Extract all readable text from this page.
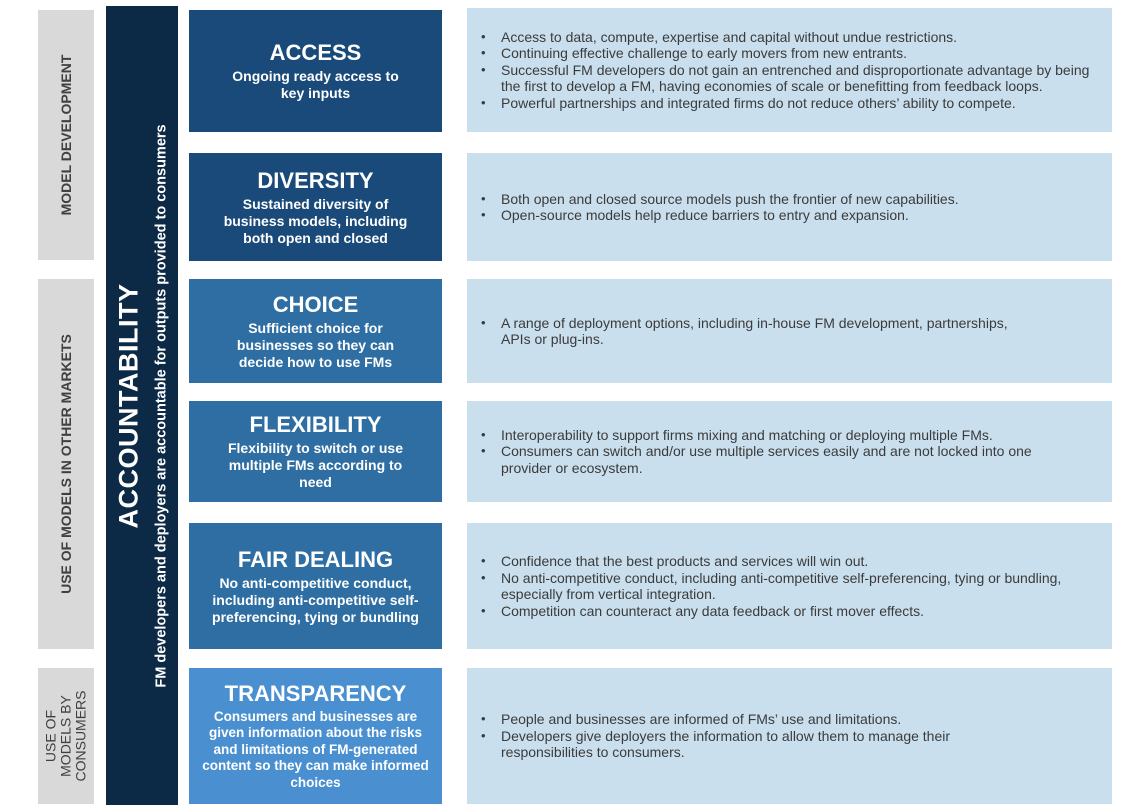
MODEL DEVELOPMENT
USE OF MODELS IN OTHER MARKETS
USE OF MODELS BY CONSUMERS
ACCOUNTABILITY FM developers and deployers are accountable for outputs provided to consumers
ACCESS
Ongoing ready access to key inputs
• Access to data, compute, expertise and capital without undue restrictions.
• Continuing effective challenge to early movers from new entrants.
• Successful FM developers do not gain an entrenched and disproportionate advantage by being the first to develop a FM, having economies of scale or benefitting from feedback loops.
• Powerful partnerships and integrated firms do not reduce others’ ability to compete.
DIVERSITY
Sustained diversity of business models, including both open and closed
• Both open and closed source models push the frontier of new capabilities.
• Open-source models help reduce barriers to entry and expansion.
CHOICE
Sufficient choice for businesses so they can decide how to use FMs
• A range of deployment options, including in-house FM development, partnerships, APIs or plug-ins.
FLEXIBILITY
Flexibility to switch or use multiple FMs according to need
• Interoperability to support firms mixing and matching or deploying multiple FMs.
• Consumers can switch and/or use multiple services easily and are not locked into one provider or ecosystem.
FAIR DEALING
No anti-competitive conduct, including anti-competitive self-preferencing, tying or bundling
• Confidence that the best products and services will win out.
• No anti-competitive conduct, including anti-competitive self-preferencing, tying or bundling, especially from vertical integration.
• Competition can counteract any data feedback or first mover effects.
TRANSPARENCY
Consumers and businesses are given information about the risks and limitations of FM-generated content so they can make informed choices
• People and businesses are informed of FMs’ use and limitations.
• Developers give deployers the information to allow them to manage their responsibilities to consumers.
